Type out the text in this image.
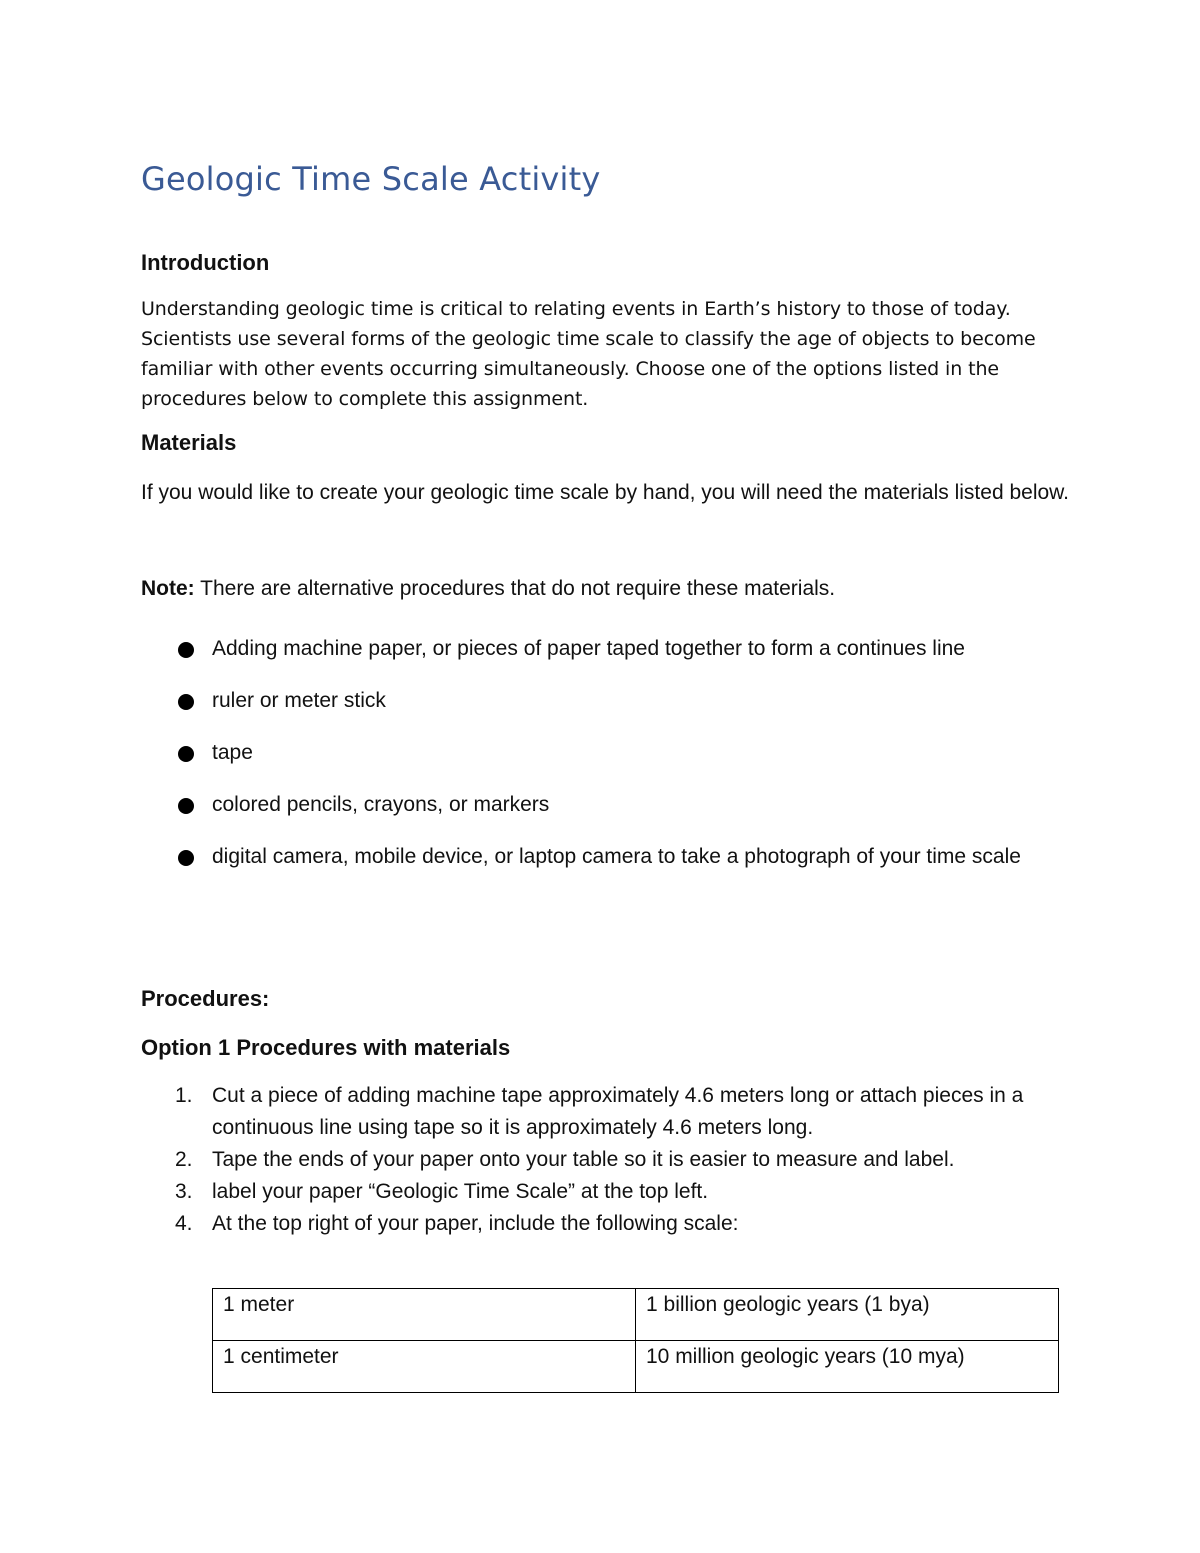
Geologic Time Scale Activity
Introduction
Understanding geologic time is critical to relating events in Earth’s history to those of today. Scientists use several forms of the geologic time scale to classify the age of objects to become familiar with other events occurring simultaneously. Choose one of the options listed in the procedures below to complete this assignment.
Materials
If you would like to create your geologic time scale by hand, you will need the materials listed below.
Note: There are alternative procedures that do not require these materials.
Adding machine paper, or pieces of paper taped together to form a continues line
ruler or meter stick
tape
colored pencils, crayons, or markers
digital camera, mobile device, or laptop camera to take a photograph of your time scale
Procedures:
Option 1 Procedures with materials
1. Cut a piece of adding machine tape approximately 4.6 meters long or attach pieces in a continuous line using tape so it is approximately 4.6 meters long.
2. Tape the ends of your paper onto your table so it is easier to measure and label.
3. label your paper “Geologic Time Scale” at the top left.
4. At the top right of your paper, include the following scale:
1 meter	1 billion geologic years (1 bya)
1 centimeter	10 million geologic years (10 mya)
